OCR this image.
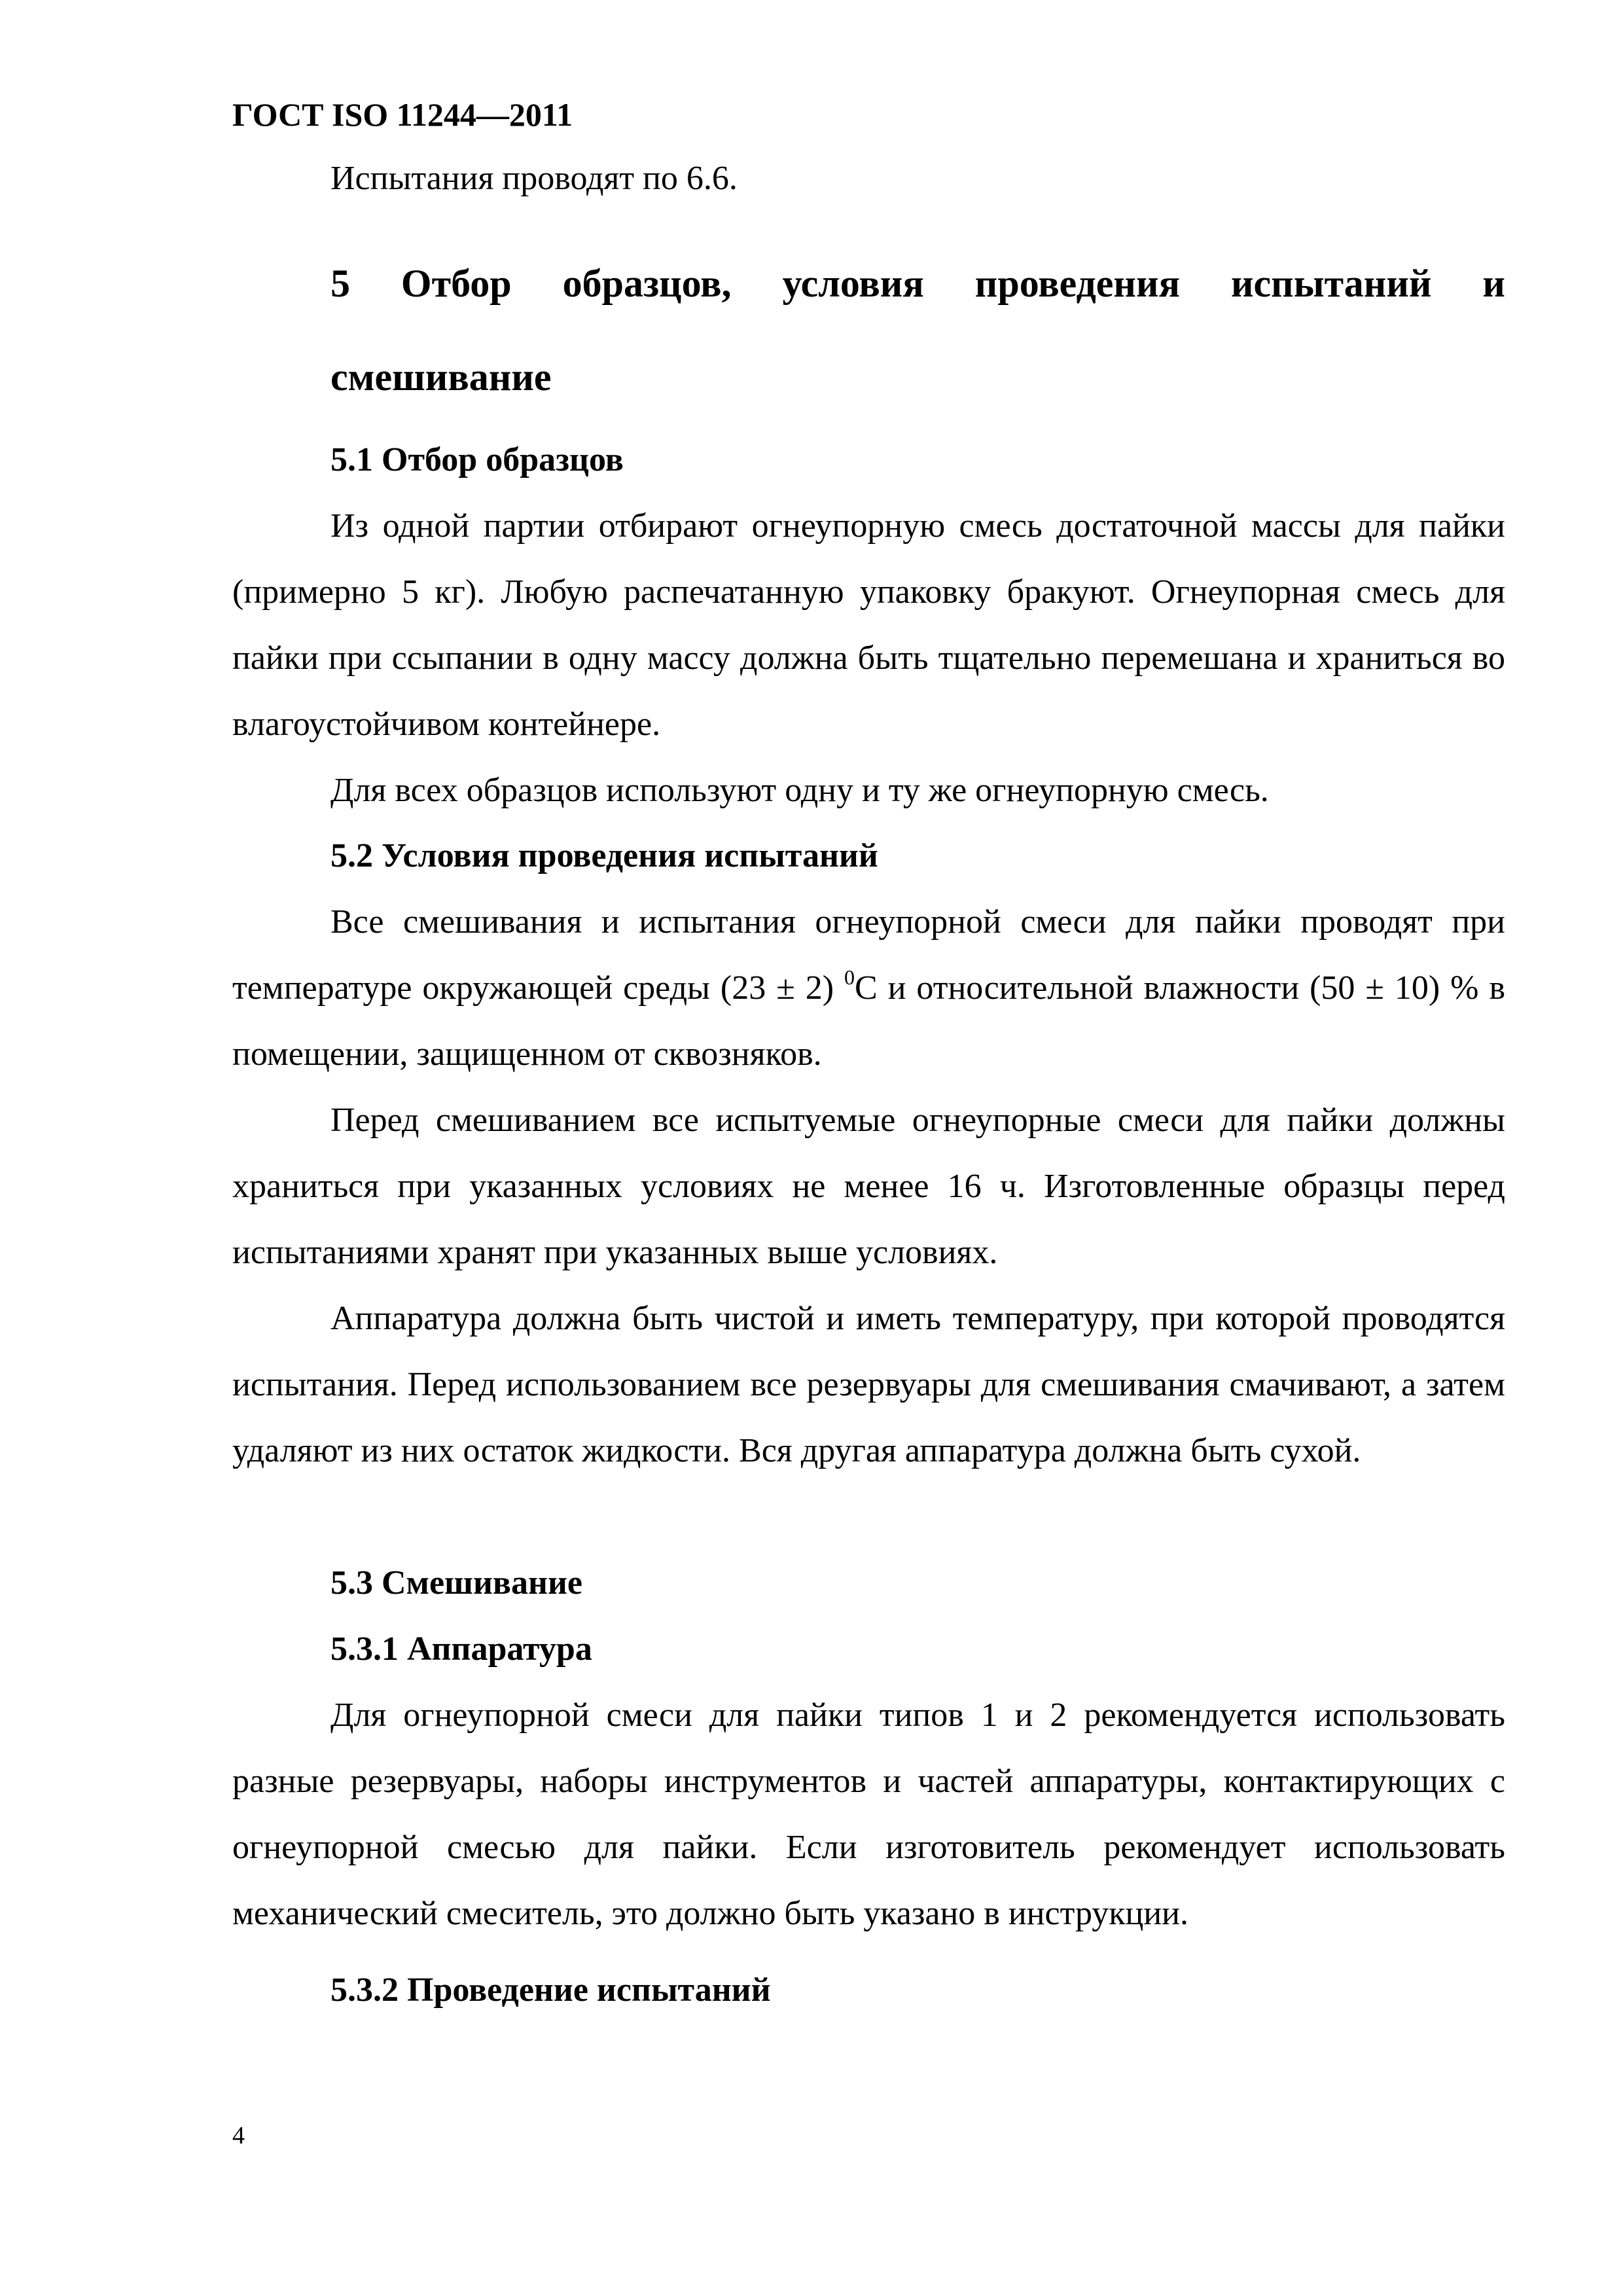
ГОСТ ISO 11244—2011

Испытания проводят по 6.6.

5 Отбор образцов, условия проведения испытаний и
смешивание
5.1 Отбор образцов

Из одной партии отбирают огнеупорную смесь достаточной массы для пайки (примерно 5 кг). Любую распечатанную упаковку бракуют. Огнеупорная смесь для пайки при ссыпании в одну массу должна быть тщательно перемешана и храниться во влагоустойчивом контейнере.

Для всех образцов используют одну и ту же огнеупорную смесь.

5.2 Условия проведения испытаний

Все смешивания и испытания огнеупорной смеси для пайки проводят при температуре окружающей среды (23 ± 2) $^0$С и относительной влажности (50 ± 10) % в помещении, защищенном от сквозняков.

Перед смешиванием все испытуемые огнеупорные смеси для пайки должны храниться при указанных условиях не менее 16 ч. Изготовленные образцы перед испытаниями хранят при указанных выше условиях.

Аппаратура должна быть чистой и иметь температуру, при которой проводятся испытания. Перед использованием все резервуары для смешивания смачивают, а затем удаляют из них остаток жидкости. Вся другая аппаратура должна быть сухой.

5.3 Смешивание
5.3.1 Аппаратура

Для огнеупорной смеси для пайки типов 1 и 2 рекомендуется использовать разные резервуары, наборы инструментов и частей аппаратуры, контактирующих с огнеупорной смесью для пайки. Если изготовитель рекомендует использовать механический смеситель, это должно быть указано в инструкции.

5.3.2 Проведение испытаний
4
